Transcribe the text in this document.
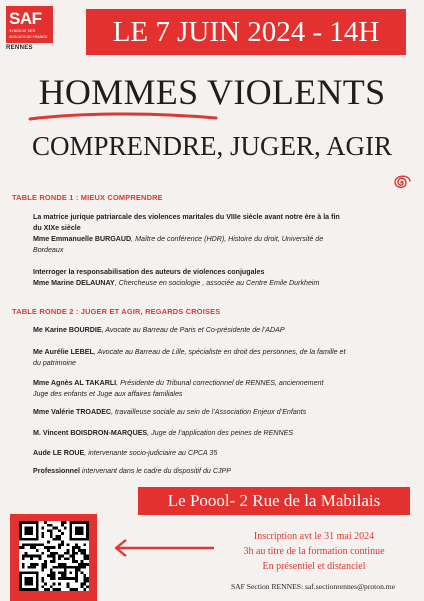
SAF
SYNDICAT DES
AVOCATS DE FRANCE
RENNES
LE 7 JUIN 2024 - 14H
HOMMES VIOLENTS
COMPRENDRE, JUGER, AGIR
TABLE RONDE 1 : MIEUX COMPRENDRE
La matrice jurique patriarcale des violences maritales du VIIIe siècle avant notre ère à la fin
du XIXe siècle
Mme Emmanuelle BURGAUD, Maître de conférence (HDR), Histoire du droit, Université de
Bordeaux
Interroger la responsabilisation des auteurs de violences conjugales
Mme Marine DELAUNAY, Chercheuse en sociologie , associée au Centre Emile Durkheim
TABLE RONDE 2 : JUGER ET AGIR, REGARDS CROISES
Me Karine BOURDIE, Avocate au Barreau de Paris et Co-présidente de l’ADAP
Me Aurélie LEBEL, Avocate au Barreau de Lille, spécialiste en droit des personnes, de la famille et
du patrimoine
Mme Agnès AL TAKARLI, Présidente du Tribunal correctionnel de RENNES, anciennement
Juge des enfants et Juge aux affaires familiales
Mme Valérie TROADEC, travailleuse sociale au sein de l’Association Enjeux d’Enfants
M. Vincent BOISDRON-MARQUES, Juge de l’application des peines de RENNES
Aude LE ROUE, intervenante socio-judiciaire au CPCA 35
Professionnel intervenant dans le cadre du dispositif du CJPP
Le Poool- 2 Rue de la Mabilais
Inscription avt le 31 mai 2024
3h au titre de la formation continue
En présentiel et distanciel
SAF Section RENNES: saf.sectionrennes@proton.me
